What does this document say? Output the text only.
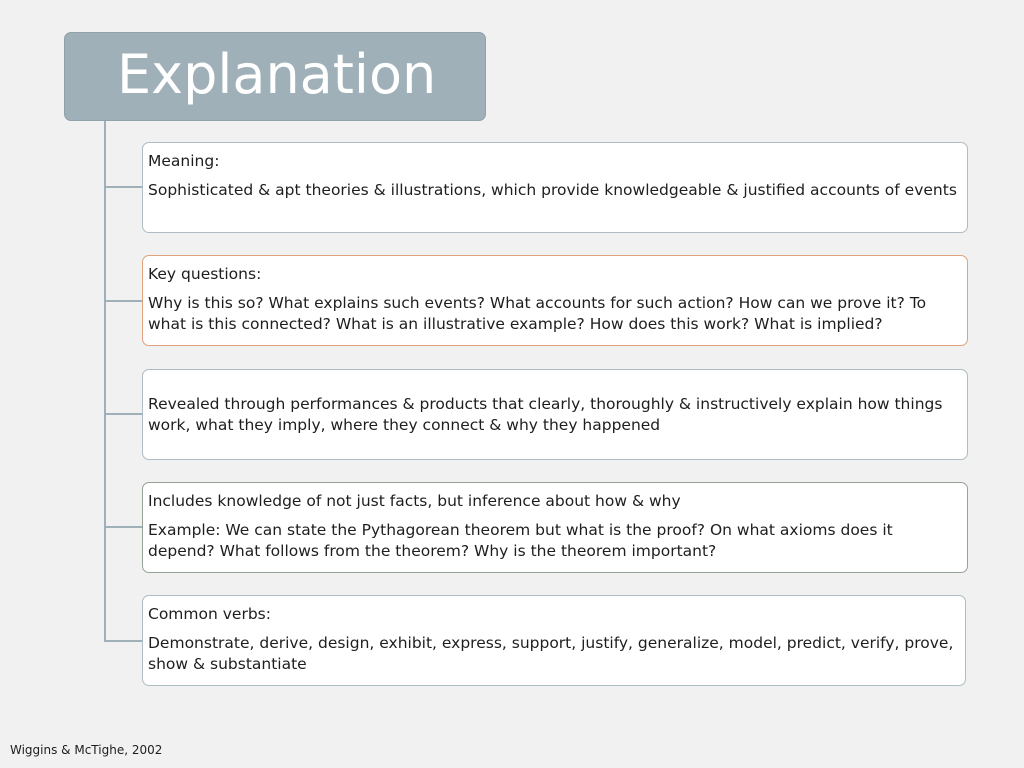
Explanation

Meaning:

Sophisticated & apt theories & illustrations, which provide knowledgeable & justified accounts of events

Key questions:

Why is this so? What explains such events? What accounts for such action? How can we prove it? To what is this connected? What is an illustrative example? How does this work? What is implied?

Revealed through performances & products that clearly, thoroughly & instructively explain how things work, what they imply, where they connect & why they happened

Includes knowledge of not just facts, but inference about how & why

Example: We can state the Pythagorean theorem but what is the proof? On what axioms does it depend? What follows from the theorem? Why is the theorem important?

Common verbs:

Demonstrate, derive, design, exhibit, express, support, justify, generalize, model, predict, verify, prove, show & substantiate

Wiggins & McTighe, 2002
